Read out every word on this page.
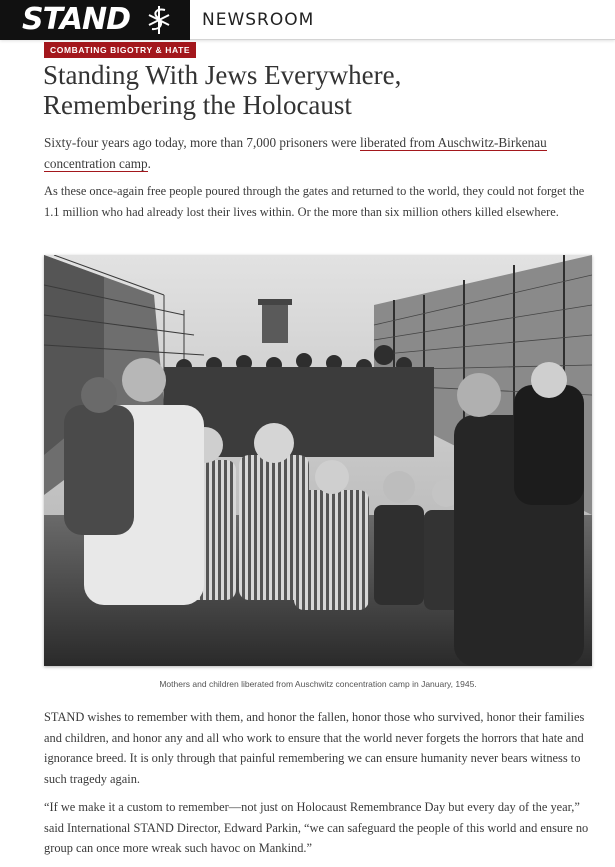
STAND	NEWSROOM
COMBATING BIGOTRY & HATE
Standing With Jews Everywhere,
Remembering the Holocaust

Sixty-four years ago today, more than 7,000 prisoners were liberated from Auschwitz-Birkenau concentration camp.

As these once-again free people poured through the gates and returned to the world, they could not forget the 1.1 million who had already lost their lives within. Or the more than six million others killed elsewhere.

Mothers and children liberated from Auschwitz concentration camp in January, 1945.

STAND wishes to remember with them, and honor the fallen, honor those who survived, honor their families and children, and honor any and all who work to ensure that the world never forgets the horrors that hate and ignorance breed. It is only through that painful remembering we can ensure humanity never bears witness to such tragedy again.

“If we make it a custom to remember—not just on Holocaust Remembrance Day but every day of the year,” said International STAND Director, Edward Parkin, “we can safeguard the people of this world and ensure no group can once more wreak such havoc on Mankind.”
